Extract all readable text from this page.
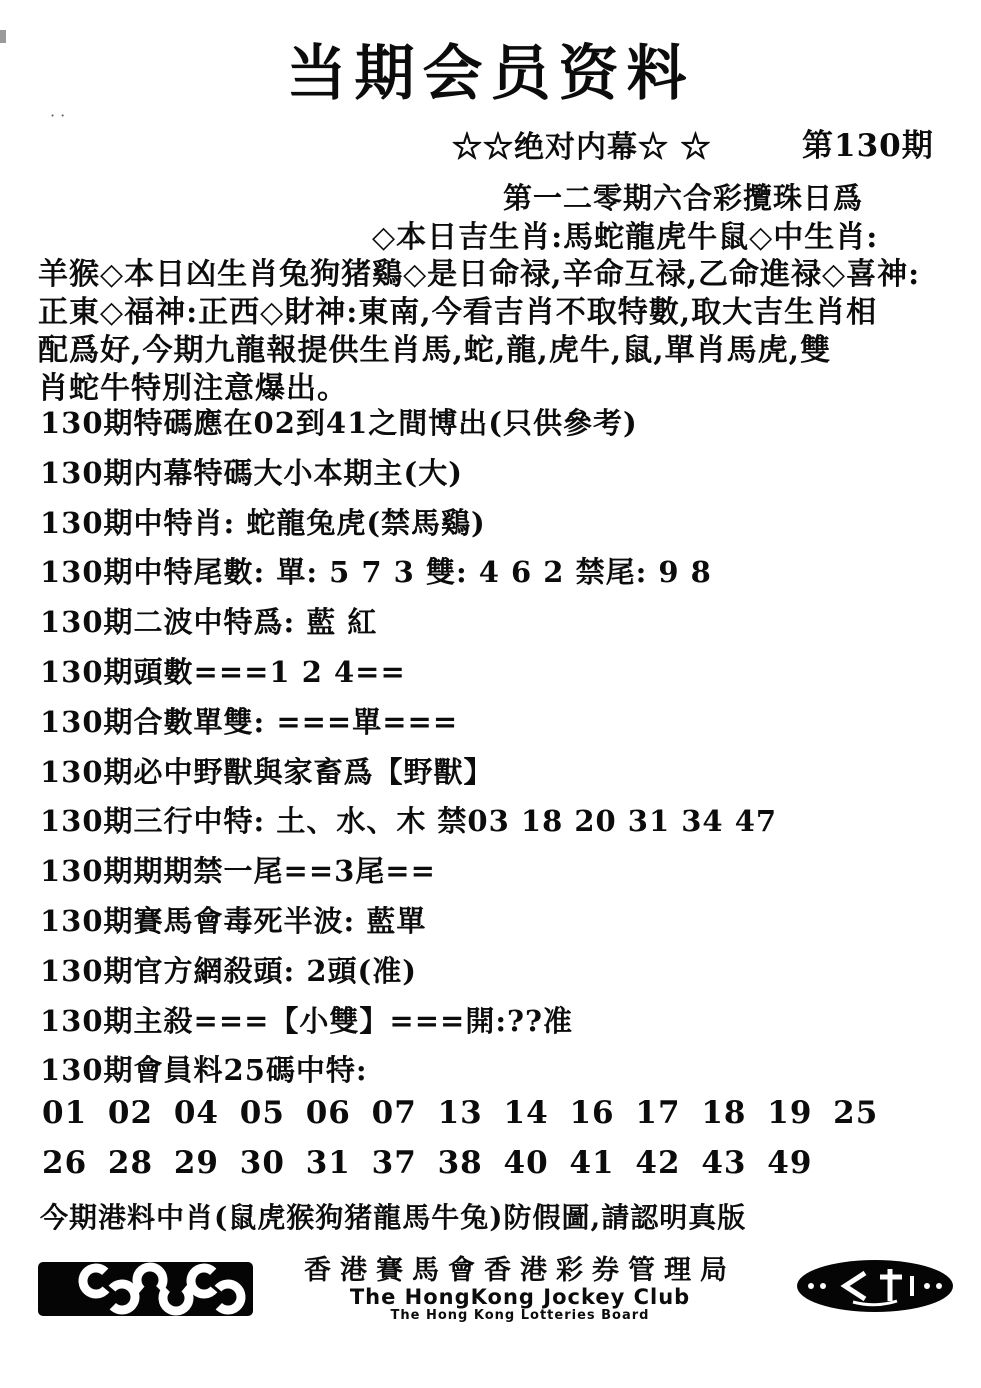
当期会员资料
··
☆☆绝对内幕☆ ☆	第130期
第一二零期六合彩攬珠日爲
◇本日吉生肖:馬蛇龍虎牛鼠◇中生肖:
羊猴◇本日凶生肖兔狗猪鷄◇是日命禄,辛命互禄,乙命進禄◇喜神:
正東◇福神:正西◇財神:東南,今看吉肖不取特數,取大吉生肖相
配爲好,今期九龍報提供生肖馬,蛇,龍,虎牛,鼠,單肖馬虎,雙
肖蛇牛特別注意爆出。
130期特碼應在02到41之間博出(只供參考)
130期内幕特碼大小本期主(大)
130期中特肖: 蛇龍兔虎(禁馬鷄)
130期中特尾數: 單: 5 7 3 雙: 4 6 2 禁尾: 9 8
130期二波中特爲: 藍 紅
130期頭數===1 2 4==
130期合數單雙: ===單===
130期必中野獸與家畜爲【野獸】
130期三行中特: 土、水、木 禁03 18 20 31 34 47
130期期期禁一尾==3尾==
130期賽馬會毒死半波: 藍單
130期官方網殺頭: 2頭(准)
130期主殺===【小雙】===開:??准
130期會員料25碼中特:
01 02 04 05 06 07 13 14 16 17 18 19 25
26 28 29 30 31 37 38 40 41 42 43 49
今期港料中肖(鼠虎猴狗猪龍馬牛兔)防假圖,請認明真版
香港賽馬會香港彩券管理局
The HongKong Jockey Club
The Hong Kong Lotteries Board
